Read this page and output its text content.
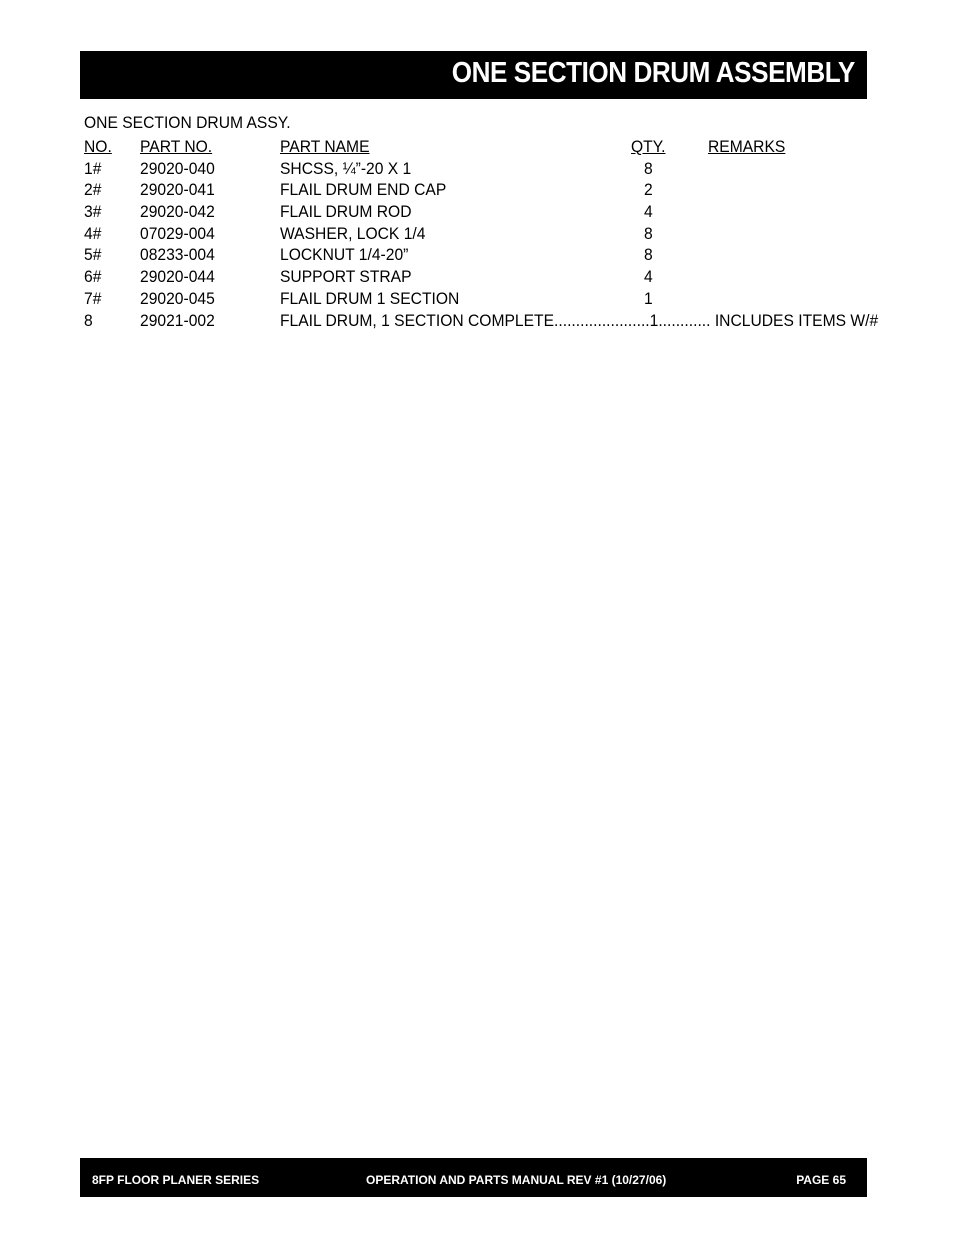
ONE SECTION DRUM ASSEMBLY
ONE SECTION DRUM ASSY.
NO. PART NO.	PART NAME	QTY.	REMARKS
1# 29020-040	SHCSS, ¼”-20 X 1	8
2# 29020-041	FLAIL DRUM END CAP	2
3# 29020-042	FLAIL DRUM ROD	4
4# 07029-004	WASHER, LOCK 1/4	8
5# 08233-004	LOCKNUT 1/4-20”	8
6# 29020-044	SUPPORT STRAP	4
7# 29020-045	FLAIL DRUM 1 SECTION	1
8	29021-002	FLAIL DRUM, 1 SECTION COMPLETE......................1............ INCLUDES ITEMS W/#
8FP FLOOR PLANER SERIES	OPERATION AND PARTS MANUAL REV #1 (10/27/06)	PAGE 65
